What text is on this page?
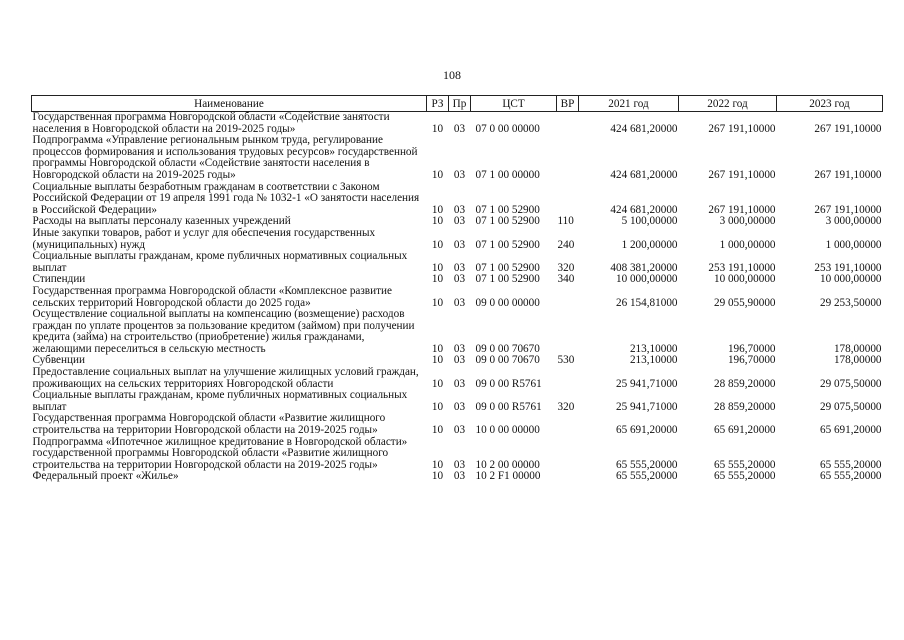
108
Наименование	РЗ	Пр	ЦСТ	ВР	2021 год	2022 год	2023 год
Государственная программа Новгородской области «Содействие занятости населения в Новгородской области на 2019-2025 годы»	10	03	07 0 00 00000		424 681,20000	267 191,10000	267 191,10000
Подпрограмма «Управление региональным рынком труда, регулирование процессов формирования и использования трудовых ресурсов» государственной программы Новгородской области «Содействие занятости населения в Новгородской области на 2019-2025 годы»	10	03	07 1 00 00000		424 681,20000	267 191,10000	267 191,10000
Социальные выплаты безработным гражданам в соответствии с Законом Российской Федерации от 19 апреля 1991 года № 1032-1 «О занятости населения в Российской Федерации»	10	03	07 1 00 52900		424 681,20000	267 191,10000	267 191,10000
Расходы на выплаты персоналу казенных учреждений	10	03	07 1 00 52900	110	5 100,00000	3 000,00000	3 000,00000
Иные закупки товаров, работ и услуг для обеспечения государственных (муниципальных) нужд	10	03	07 1 00 52900	240	1 200,00000	1 000,00000	1 000,00000
Социальные выплаты гражданам, кроме публичных нормативных социальных выплат	10	03	07 1 00 52900	320	408 381,20000	253 191,10000	253 191,10000
Стипендии	10	03	07 1 00 52900	340	10 000,00000	10 000,00000	10 000,00000
Государственная программа Новгородской области «Комплексное развитие сельских территорий Новгородской области до 2025 года»	10	03	09 0 00 00000		26 154,81000	29 055,90000	29 253,50000
Осуществление социальной выплаты на компенсацию (возмещение) расходов граждан по уплате процентов за пользование кредитом (займом) при получении кредита (займа) на строительство (приобретение) жилья гражданами, желающими переселиться в сельскую местность	10	03	09 0 00 70670		213,10000	196,70000	178,00000
Субвенции	10	03	09 0 00 70670	530	213,10000	196,70000	178,00000
Предоставление социальных выплат на улучшение жилищных условий граждан, проживающих на сельских территориях Новгородской области	10	03	09 0 00 R5761		25 941,71000	28 859,20000	29 075,50000
Социальные выплаты гражданам, кроме публичных нормативных социальных выплат	10	03	09 0 00 R5761	320	25 941,71000	28 859,20000	29 075,50000
Государственная программа Новгородской области «Развитие жилищного строительства на территории Новгородской области на 2019-2025 годы»	10	03	10 0 00 00000		65 691,20000	65 691,20000	65 691,20000
Подпрограмма «Ипотечное жилищное кредитование в Новгородской области» государственной программы Новгородской области «Развитие жилищного строительства на территории Новгородской области на 2019-2025 годы»	10	03	10 2 00 00000		65 555,20000	65 555,20000	65 555,20000
Федеральный проект «Жилье»	10	03	10 2 F1 00000		65 555,20000	65 555,20000	65 555,20000
